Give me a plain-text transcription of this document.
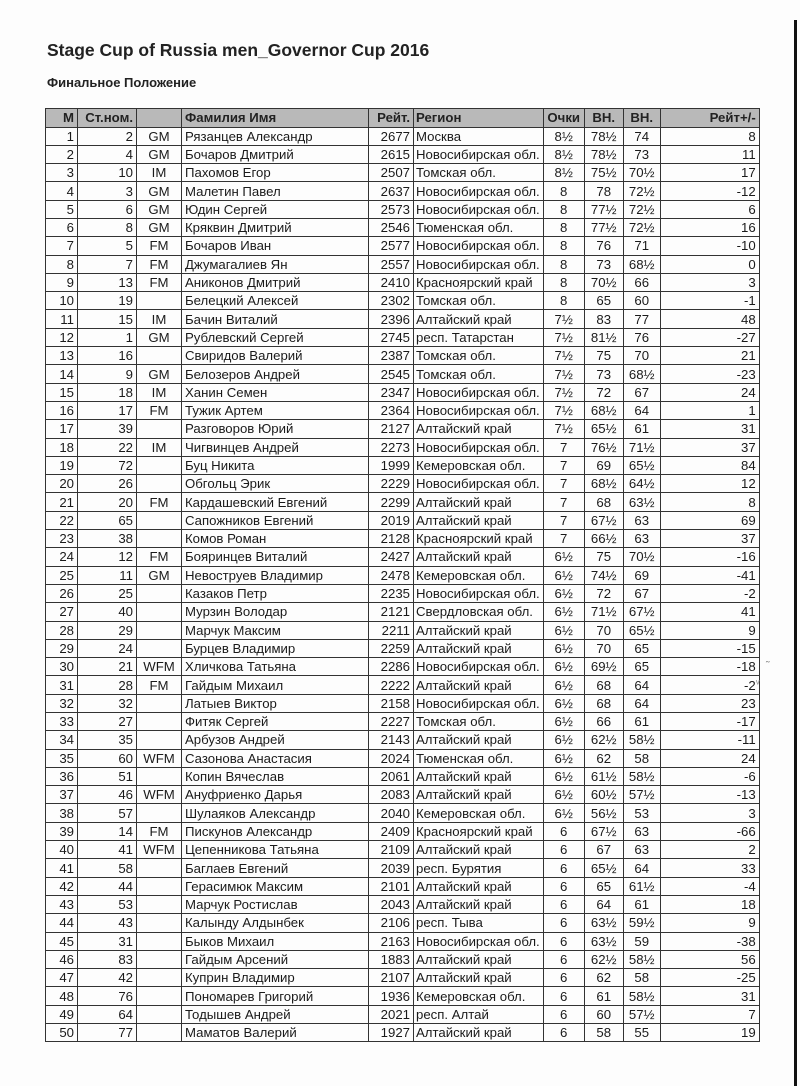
Stage Cup of Russia men_Governor Cup 2016
Финальное Положение
М	Ст.ном.		Фамилия Имя	Рейт.	Регион	Очки	ВН.	ВН.	Рейт+/-
1	2	GM	Рязанцев Александр	2677	Москва	8½	78½	74	8
2	4	GM	Бочаров Дмитрий	2615	Новосибирская обл.	8½	78½	73	11
3	10	IM	Пахомов Егор	2507	Томская обл.	8½	75½	70½	17
4	3	GM	Малетин Павел	2637	Новосибирская обл.	8	78	72½	-12
5	6	GM	Юдин Сергей	2573	Новосибирская обл.	8	77½	72½	6
6	8	GM	Кряквин Дмитрий	2546	Тюменская обл.	8	77½	72½	16
7	5	FM	Бочаров Иван	2577	Новосибирская обл.	8	76	71	-10
8	7	FM	Джумагалиев Ян	2557	Новосибирская обл.	8	73	68½	0
9	13	FM	Аниконов Дмитрий	2410	Красноярский край	8	70½	66	3
10	19		Белецкий Алексей	2302	Томская обл.	8	65	60	-1
11	15	IM	Бачин Виталий	2396	Алтайский край	7½	83	77	48
12	1	GM	Рублевский Сергей	2745	респ. Татарстан	7½	81½	76	-27
13	16		Свиридов Валерий	2387	Томская обл.	7½	75	70	21
14	9	GM	Белозеров Андрей	2545	Томская обл.	7½	73	68½	-23
15	18	IM	Ханин Семен	2347	Новосибирская обл.	7½	72	67	24
16	17	FM	Тужик Артем	2364	Новосибирская обл.	7½	68½	64	1
17	39		Разговоров Юрий	2127	Алтайский край	7½	65½	61	31
18	22	IM	Чигвинцев Андрей	2273	Новосибирская обл.	7	76½	71½	37
19	72		Буц Никита	1999	Кемеровская обл.	7	69	65½	84
20	26		Обгольц Эрик	2229	Новосибирская обл.	7	68½	64½	12
21	20	FM	Кардашевский Евгений	2299	Алтайский край	7	68	63½	8
22	65		Сапожников Евгений	2019	Алтайский край	7	67½	63	69
23	38		Комов Роман	2128	Красноярский край	7	66½	63	37
24	12	FM	Бояринцев Виталий	2427	Алтайский край	6½	75	70½	-16
25	11	GM	Невоструев Владимир	2478	Кемеровская обл.	6½	74½	69	-41
26	25		Казаков Петр	2235	Новосибирская обл.	6½	72	67	-2
27	40		Мурзин Володар	2121	Свердловская обл.	6½	71½	67½	41
28	29		Марчук Максим	2211	Алтайский край	6½	70	65½	9
29	24		Бурцев Владимир	2259	Алтайский край	6½	70	65	-15
30	21	WFM	Хличкова Татьяна	2286	Новосибирская обл.	6½	69½	65	-18
31	28	FM	Гайдым Михаил	2222	Алтайский край	6½	68	64	-2
32	32		Латыев Виктор	2158	Новосибирская обл.	6½	68	64	23
33	27		Фитяк Сергей	2227	Томская обл.	6½	66	61	-17
34	35		Арбузов Андрей	2143	Алтайский край	6½	62½	58½	-11
35	60	WFM	Сазонова Анастасия	2024	Тюменская обл.	6½	62	58	24
36	51		Копин Вячеслав	2061	Алтайский край	6½	61½	58½	-6
37	46	WFM	Ануфриенко Дарья	2083	Алтайский край	6½	60½	57½	-13
38	57		Шулаяков Александр	2040	Кемеровская обл.	6½	56½	53	3
39	14	FM	Пискунов Александр	2409	Красноярский край	6	67½	63	-66
40	41	WFM	Цепенникова Татьяна	2109	Алтайский край	6	67	63	2
41	58		Баглаев Евгений	2039	респ. Бурятия	6	65½	64	33
42	44		Герасимюк Максим	2101	Алтайский край	6	65	61½	-4
43	53		Марчук Ростислав	2043	Алтайский край	6	64	61	18
44	43		Калынду Алдынбек	2106	респ. Тыва	6	63½	59½	9
45	31		Быков Михаил	2163	Новосибирская обл.	6	63½	59	-38
46	83		Гайдым Арсений	1883	Алтайский край	6	62½	58½	56
47	42		Куприн Владимир	2107	Алтайский край	6	62	58	-25
48	76		Пономарев Григорий	1936	Кемеровская обл.	6	61	58½	31
49	64		Тодышев Андрей	2021	респ. Алтай	6	60	57½	7
50	77		Маматов Валерий	1927	Алтайский край	6	58	55	19
˜
ᵛ
